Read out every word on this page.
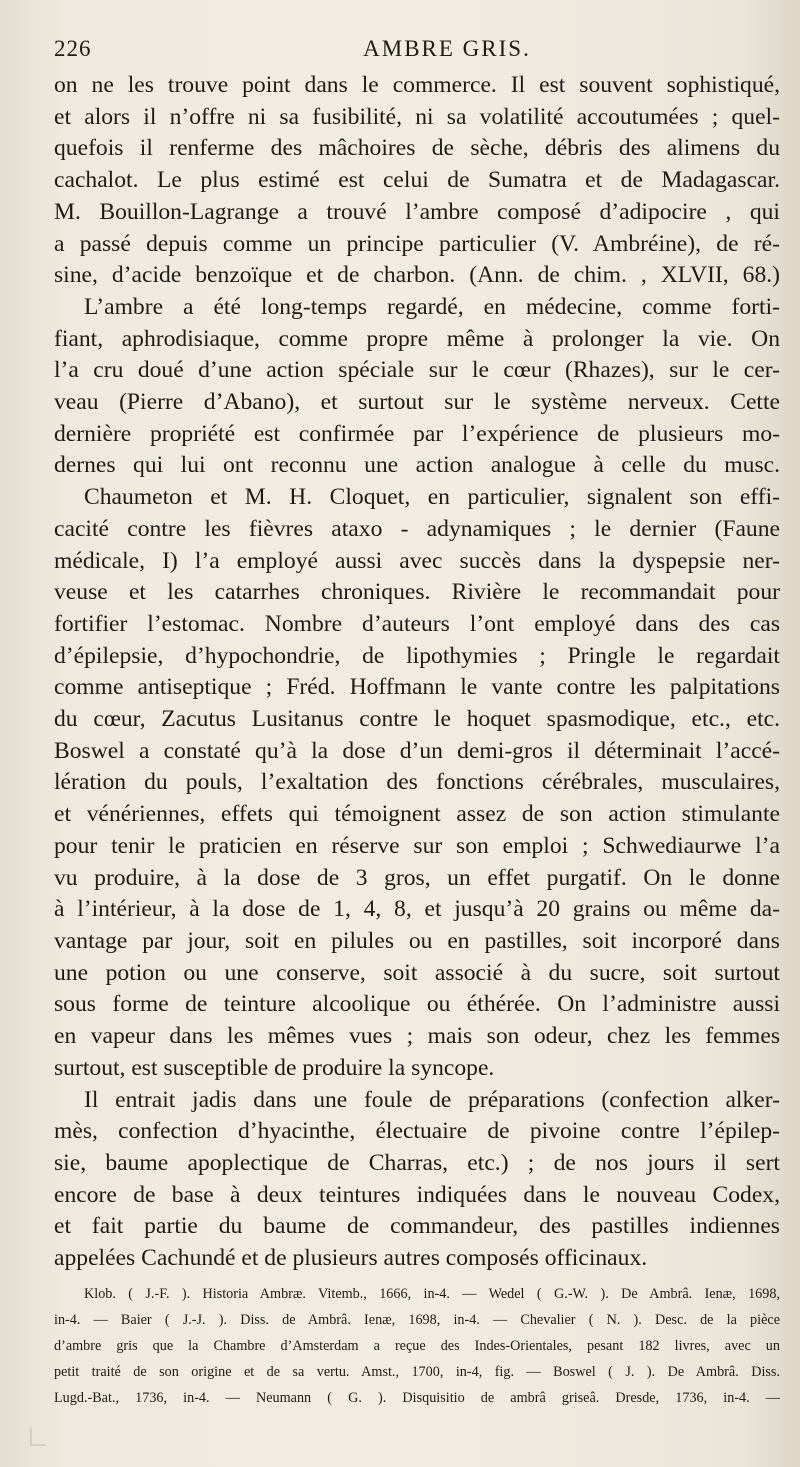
226	AMBRE GRIS.
on ne les trouve point dans le commerce. Il est souvent sophistiqué,
et alors il n’offre ni sa fusibilité, ni sa volatilité accoutumées ; quel-
quefois il renferme des mâchoires de sèche, débris des alimens du
cachalot. Le plus estimé est celui de Sumatra et de Madagascar.
M. Bouillon-Lagrange a trouvé l’ambre composé d’adipocire , qui
a passé depuis comme un principe particulier (V. Ambréine), de ré-
sine, d’acide benzoïque et de charbon. (Ann. de chim. , XLVII, 68.)
L’ambre a été long-temps regardé, en médecine, comme forti-
fiant, aphrodisiaque, comme propre même à prolonger la vie. On
l’a cru doué d’une action spéciale sur le cœur (Rhazes), sur le cer-
veau (Pierre d’Abano), et surtout sur le système nerveux. Cette
dernière propriété est confirmée par l’expérience de plusieurs mo-
dernes qui lui ont reconnu une action analogue à celle du musc.
Chaumeton et M. H. Cloquet, en particulier, signalent son effi-
cacité contre les fièvres ataxo - adynamiques ; le dernier (Faune
médicale, I) l’a employé aussi avec succès dans la dyspepsie ner-
veuse et les catarrhes chroniques. Rivière le recommandait pour
fortifier l’estomac. Nombre d’auteurs l’ont employé dans des cas
d’épilepsie, d’hypochondrie, de lipothymies ; Pringle le regardait
comme antiseptique ; Fréd. Hoffmann le vante contre les palpitations
du cœur, Zacutus Lusitanus contre le hoquet spasmodique, etc., etc.
Boswel a constaté qu’à la dose d’un demi-gros il déterminait l’accé-
lération du pouls, l’exaltation des fonctions cérébrales, musculaires,
et vénériennes, effets qui témoignent assez de son action stimulante
pour tenir le praticien en réserve sur son emploi ; Schwediaurwe l’a
vu produire, à la dose de 3 gros, un effet purgatif. On le donne
à l’intérieur, à la dose de 1, 4, 8, et jusqu’à 20 grains ou même da-
vantage par jour, soit en pilules ou en pastilles, soit incorporé dans
une potion ou une conserve, soit associé à du sucre, soit surtout
sous forme de teinture alcoolique ou éthérée. On l’administre aussi
en vapeur dans les mêmes vues ; mais son odeur, chez les femmes
surtout, est susceptible de produire la syncope.
Il entrait jadis dans une foule de préparations (confection alker-
mès, confection d’hyacinthe, électuaire de pivoine contre l’épilep-
sie, baume apoplectique de Charras, etc.) ; de nos jours il sert
encore de base à deux teintures indiquées dans le nouveau Codex,
et fait partie du baume de commandeur, des pastilles indiennes
appelées Cachundé et de plusieurs autres composés officinaux.
Klob. ( J.-F. ). Historia Ambræ. Vitemb., 1666, in-4. — Wedel ( G.-W. ). De Ambrâ. Ienæ, 1698,
in-4. — Baier ( J.-J. ). Diss. de Ambrâ. Ienæ, 1698, in-4. — Chevalier ( N. ). Desc. de la pièce
d’ambre gris que la Chambre d’Amsterdam a reçue des Indes-Orientales, pesant 182 livres, avec un
petit traité de son origine et de sa vertu. Amst., 1700, in-4, fig. — Boswel ( J. ). De Ambrâ. Diss.
Lugd.-Bat., 1736, in-4. — Neumann ( G. ). Disquisitio de ambrâ griseâ. Dresde, 1736, in-4. —
